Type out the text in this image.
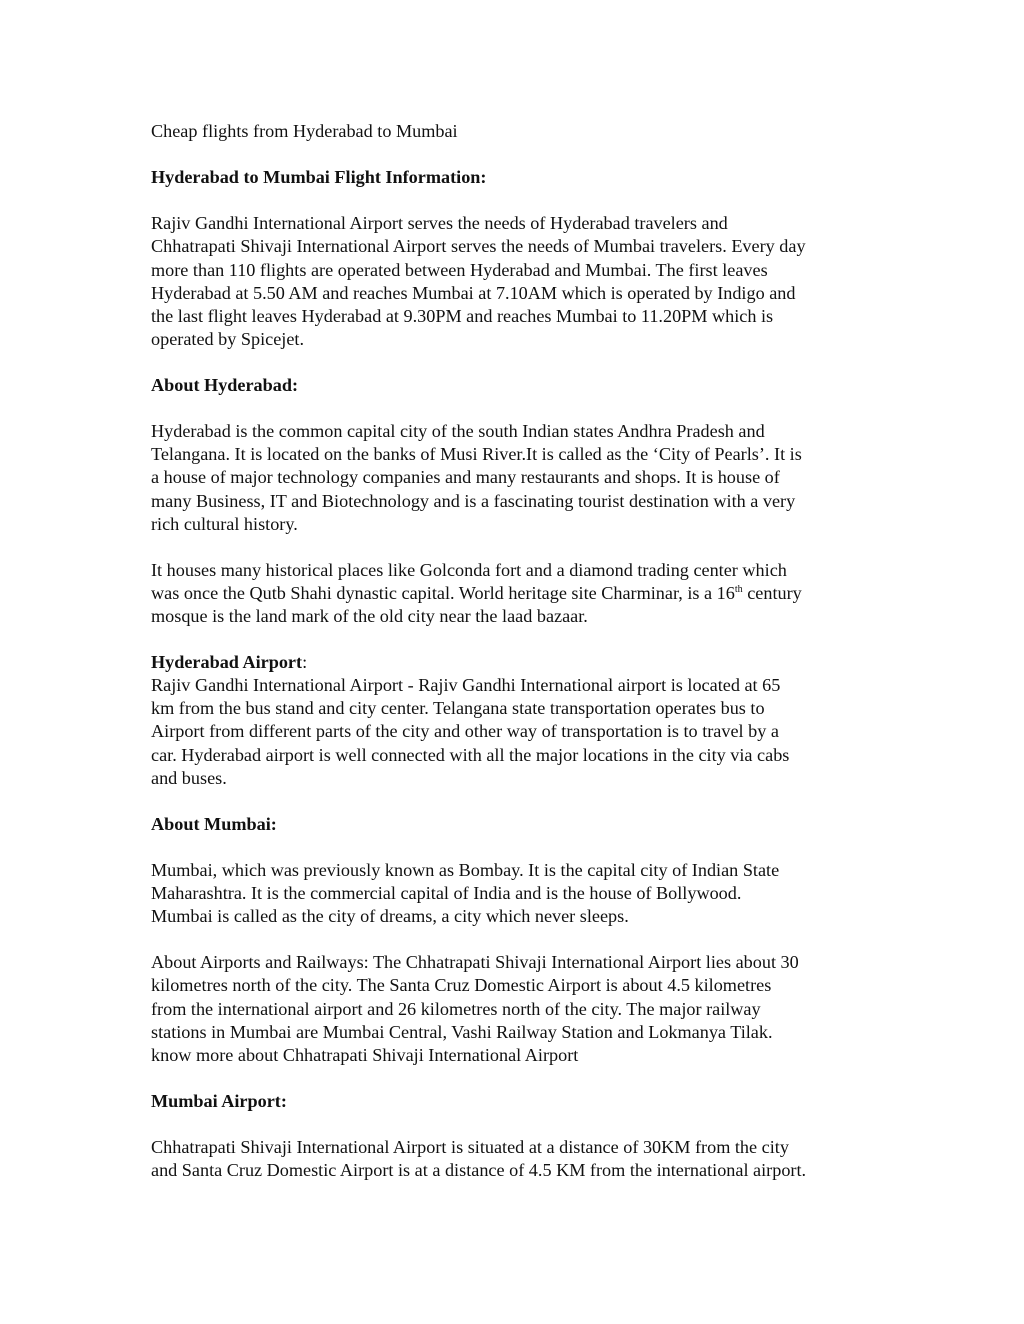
Cheap flights from Hyderabad to Mumbai

Hyderabad to Mumbai Flight Information:

Rajiv Gandhi International Airport serves the needs of Hyderabad travelers and
Chhatrapati Shivaji International Airport serves the needs of Mumbai travelers. Every day
more than 110 flights are operated between Hyderabad and Mumbai. The first leaves
Hyderabad at 5.50 AM and reaches Mumbai at 7.10AM which is operated by Indigo and
the last flight leaves Hyderabad at 9.30PM and reaches Mumbai to 11.20PM which is
operated by Spicejet.

About Hyderabad:

Hyderabad is the common capital city of the south Indian states Andhra Pradesh and
Telangana. It is located on the banks of Musi River.It is called as the ‘City of Pearls’. It is
a house of major technology companies and many restaurants and shops. It is house of
many Business, IT and Biotechnology and is a fascinating tourist destination with a very
rich cultural history.

It houses many historical places like Golconda fort and a diamond trading center which
was once the Qutb Shahi dynastic capital. World heritage site Charminar, is a 16th century
mosque is the land mark of the old city near the laad bazaar.

Hyderabad Airport:

Rajiv Gandhi International Airport - Rajiv Gandhi International airport is located at 65
km from the bus stand and city center. Telangana state transportation operates bus to
Airport from different parts of the city and other way of transportation is to travel by a
car. Hyderabad airport is well connected with all the major locations in the city via cabs
and buses.

About Mumbai:

Mumbai, which was previously known as Bombay. It is the capital city of Indian State
Maharashtra. It is the commercial capital of India and is the house of Bollywood.
Mumbai is called as the city of dreams, a city which never sleeps.

About Airports and Railways: The Chhatrapati Shivaji International Airport lies about 30
kilometres north of the city. The Santa Cruz Domestic Airport is about 4.5 kilometres
from the international airport and 26 kilometres north of the city. The major railway
stations in Mumbai are Mumbai Central, Vashi Railway Station and Lokmanya Tilak.
know more about Chhatrapati Shivaji International Airport

Mumbai Airport:

Chhatrapati Shivaji International Airport is situated at a distance of 30KM from the city
and Santa Cruz Domestic Airport is at a distance of 4.5 KM from the international airport.
